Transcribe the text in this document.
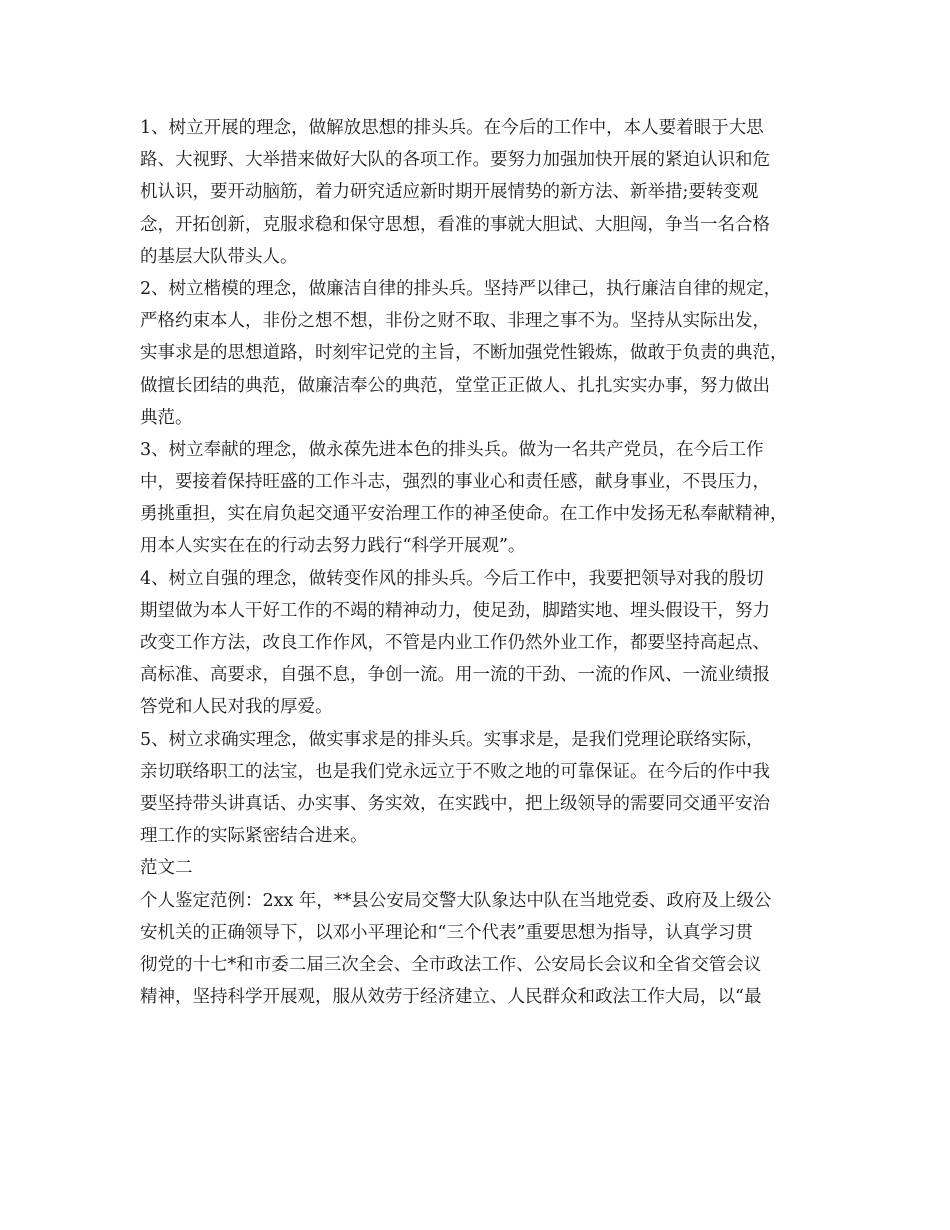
1、树立开展的理念，做解放思想的排头兵。在今后的工作中，本人要着眼于大思
路、大视野、大举措来做好大队的各项工作。要努力加强加快开展的紧迫认识和危
机认识，要开动脑筋，着力研究适应新时期开展情势的新方法、新举措;要转变观
念，开拓创新，克服求稳和保守思想，看准的事就大胆试、大胆闯，争当一名合格
的基层大队带头人。
2、树立楷模的理念，做廉洁自律的排头兵。坚持严以律己，执行廉洁自律的规定，
严格约束本人，非份之想不想，非份之财不取、非理之事不为。坚持从实际出发，
实事求是的思想道路，时刻牢记党的主旨，不断加强党性锻炼，做敢于负责的典范，
做擅长团结的典范，做廉洁奉公的典范，堂堂正正做人、扎扎实实办事，努力做出
典范。
3、树立奉献的理念，做永葆先进本色的排头兵。做为一名共产党员，在今后工作
中，要接着保持旺盛的工作斗志，强烈的事业心和责任感，献身事业，不畏压力，
勇挑重担，实在肩负起交通平安治理工作的神圣使命。在工作中发扬无私奉献精神，
用本人实实在在的行动去努力践行“科学开展观”。
4、树立自强的理念，做转变作风的排头兵。今后工作中，我要把领导对我的殷切
期望做为本人干好工作的不竭的精神动力，使足劲，脚踏实地、埋头假设干，努力
改变工作方法，改良工作作风，不管是内业工作仍然外业工作，都要坚持高起点、
高标准、高要求，自强不息，争创一流。用一流的干劲、一流的作风、一流业绩报
答党和人民对我的厚爱。
5、树立求确实理念，做实事求是的排头兵。实事求是，是我们党理论联络实际，
亲切联络职工的法宝，也是我们党永远立于不败之地的可靠保证。在今后的作中我
要坚持带头讲真话、办实事、务实效，在实践中，把上级领导的需要同交通平安治
理工作的实际紧密结合进来。
范文二
个人鉴定范例：2xx 年，**县公安局交警大队象达中队在当地党委、政府及上级公
安机关的正确领导下，以邓小平理论和“三个代表”重要思想为指导，认真学习贯
彻党的十七*和市委二届三次全会、全市政法工作、公安局长会议和全省交管会议
精神，坚持科学开展观，服从效劳于经济建立、人民群众和政法工作大局，以“最
